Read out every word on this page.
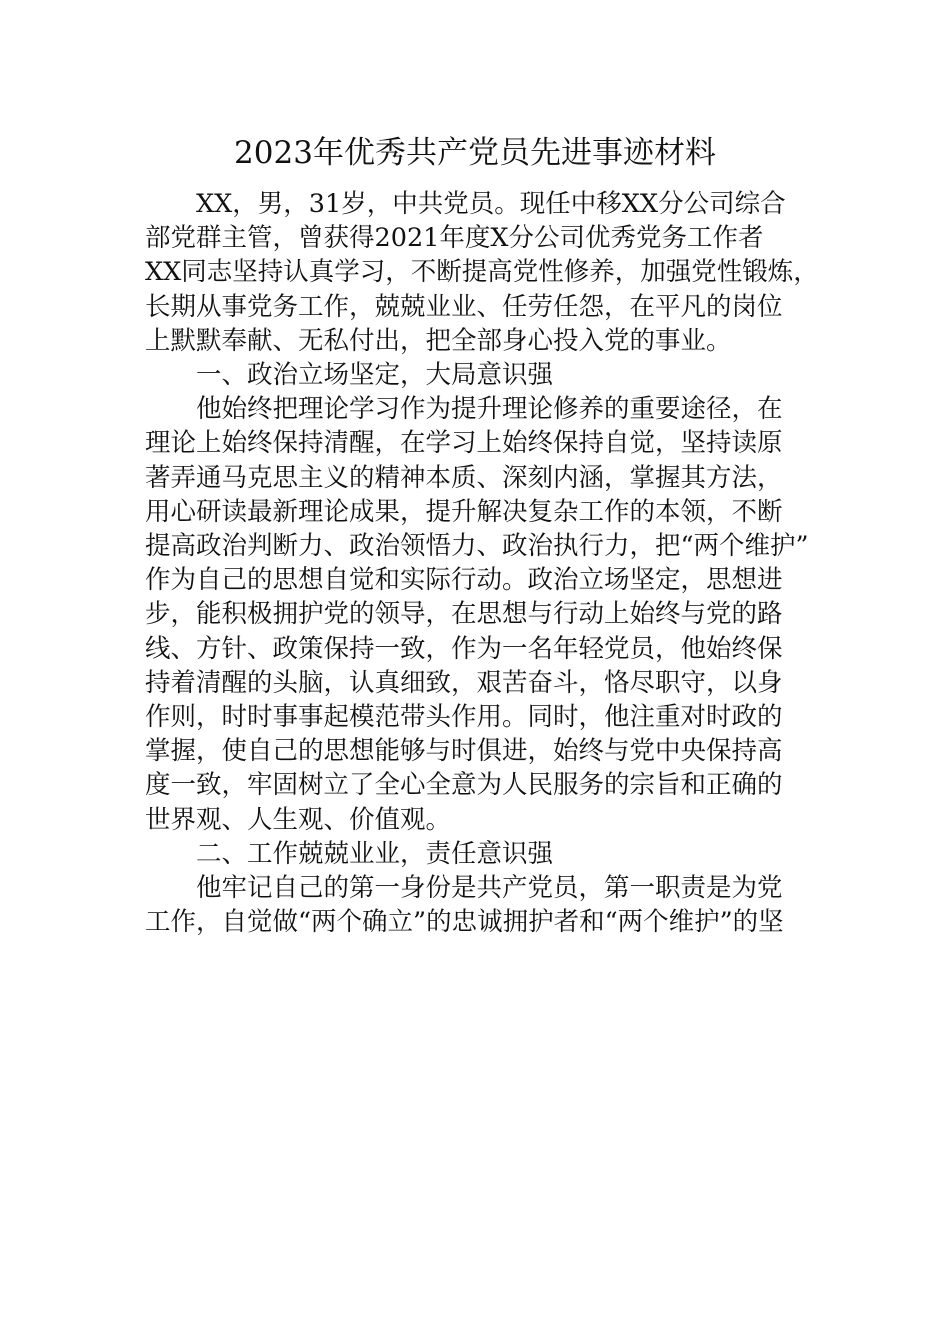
2023年优秀共产党员先进事迹材料
XX，男，31岁，中共党员。现任中移XX分公司综合
部党群主管，曾获得2021年度X分公司优秀党务工作者
XX同志坚持认真学习，不断提高党性修养，加强党性锻炼，
长期从事党务工作，兢兢业业、任劳任怨，在平凡的岗位
上默默奉献、无私付出，把全部身心投入党的事业。
一、政治立场坚定，大局意识强
他始终把理论学习作为提升理论修养的重要途径，在
理论上始终保持清醒，在学习上始终保持自觉，坚持读原
著弄通马克思主义的精神本质、深刻内涵，掌握其方法，
用心研读最新理论成果，提升解决复杂工作的本领，不断
提高政治判断力、政治领悟力、政治执行力，把“两个维护”
作为自己的思想自觉和实际行动。政治立场坚定，思想进
步，能积极拥护党的领导，在思想与行动上始终与党的路
线、方针、政策保持一致，作为一名年轻党员，他始终保
持着清醒的头脑，认真细致，艰苦奋斗，恪尽职守，以身
作则，时时事事起模范带头作用。同时，他注重对时政的
掌握，使自己的思想能够与时俱进，始终与党中央保持高
度一致，牢固树立了全心全意为人民服务的宗旨和正确的
世界观、人生观、价值观。
二、工作兢兢业业，责任意识强
他牢记自己的第一身份是共产党员，第一职责是为党
工作，自觉做“两个确立”的忠诚拥护者和“两个维护”的坚
